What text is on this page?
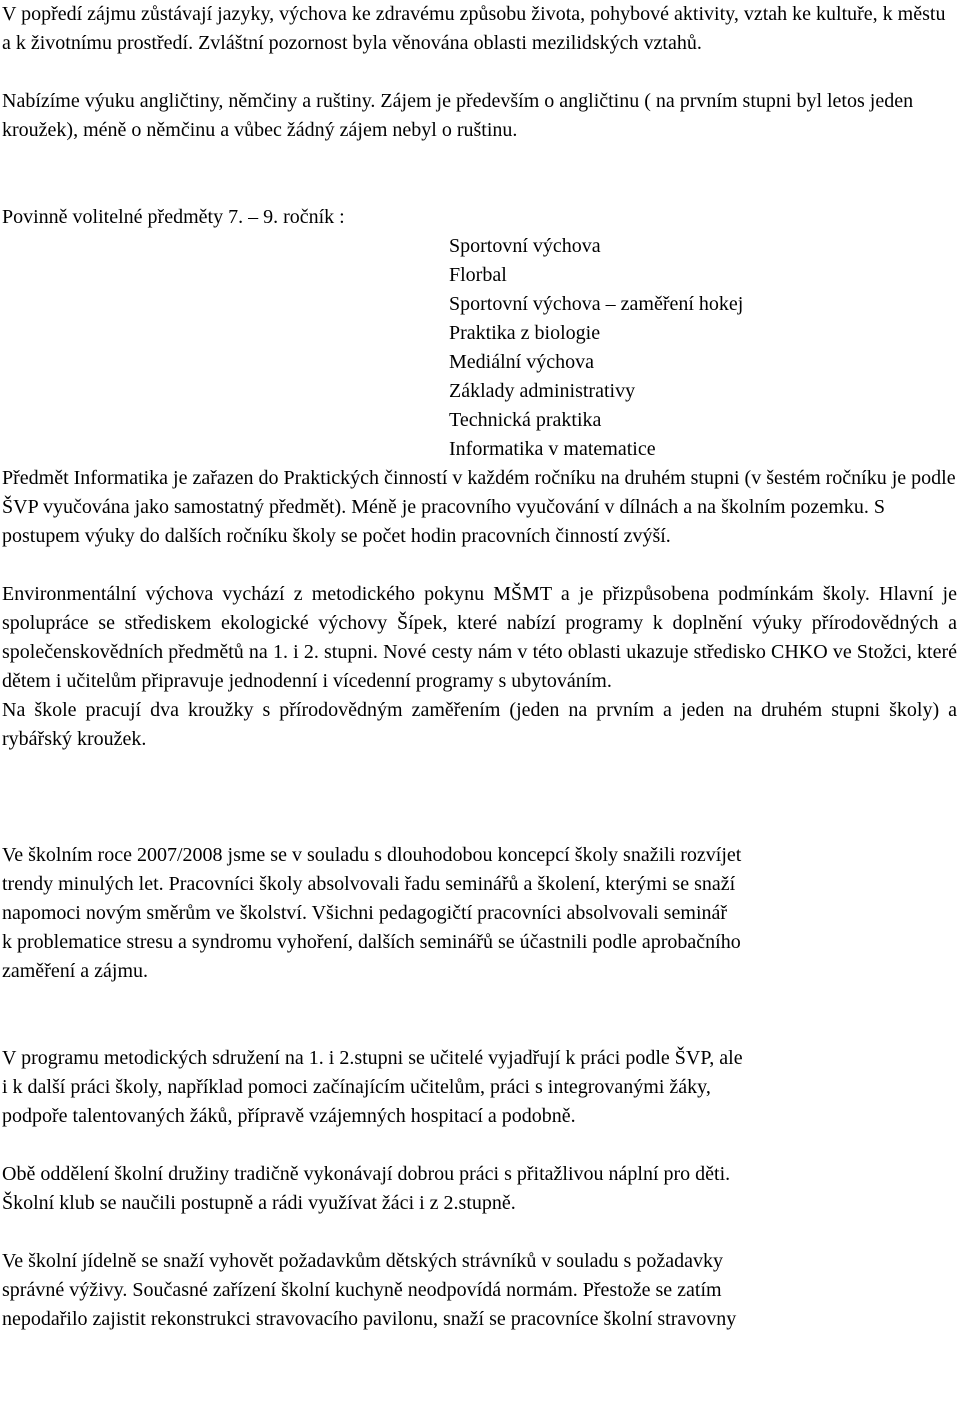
V popředí zájmu zůstávají jazyky, výchova ke zdravému způsobu života, pohybové aktivity, vztah ke kultuře, k městu a k životnímu prostředí. Zvláštní pozornost byla věnována oblasti mezilidských vztahů.

Nabízíme výuku angličtiny, němčiny a ruštiny. Zájem je především o angličtinu ( na prvním stupni byl letos jeden kroužek), méně o němčinu a vůbec žádný zájem nebyl o ruštinu.

Povinně volitelné předměty 7. – 9. ročník :

Sportovní výchova
Florbal
Sportovní výchova – zaměření hokej
Praktika z biologie
Mediální výchova
Základy administrativy
Technická praktika
Informatika v matematice

Předmět Informatika je zařazen do Praktických činností v každém ročníku na druhém stupni (v šestém ročníku je podle ŠVP vyučována jako samostatný předmět). Méně je pracovního vyučování v dílnách a na školním pozemku. S postupem výuky do dalších ročníku školy se počet hodin pracovních činností zvýší.

Environmentální výchova vychází z metodického pokynu MŠMT a je přizpůsobena podmínkám školy. Hlavní je spolupráce se střediskem ekologické výchovy Šípek, které nabízí programy k doplnění výuky přírodovědných a společenskovědních předmětů na 1. i 2. stupni. Nové cesty nám v této oblasti ukazuje středisko CHKO ve Stožci, které dětem i učitelům připravuje jednodenní i vícedenní programy s ubytováním.

Na škole pracují dva kroužky s přírodovědným zaměřením (jeden na prvním a jeden na druhém stupni školy) a rybářský kroužek.

Ve školním roce 2007/2008 jsme se v souladu s dlouhodobou koncepcí školy snažili rozvíjet
trendy minulých let. Pracovníci školy absolvovali řadu seminářů a školení, kterými se snaží
napomoci novým směrům ve školství. Všichni pedagogičtí pracovníci absolvovali seminář
k problematice stresu a syndromu vyhoření, dalších seminářů se účastnili podle aprobačního
zaměření a zájmu.
V programu metodických sdružení na 1. i 2.stupni se učitelé vyjadřují k práci podle ŠVP, ale
i k další práci školy, například pomoci začínajícím učitelům, práci s integrovanými žáky,
podpoře talentovaných žáků, přípravě vzájemných hospitací a podobně.
Obě oddělení školní družiny tradičně vykonávají dobrou práci s přitažlivou náplní pro děti.
Školní klub se naučili postupně a rádi využívat žáci i z 2.stupně.
Ve školní jídelně se snaží vyhovět požadavkům dětských strávníků v souladu s požadavky
správné výživy. Současné zařízení školní kuchyně neodpovídá normám. Přestože se zatím
nepodařilo zajistit rekonstrukci stravovacího pavilonu, snaží se pracovníce školní stravovny
